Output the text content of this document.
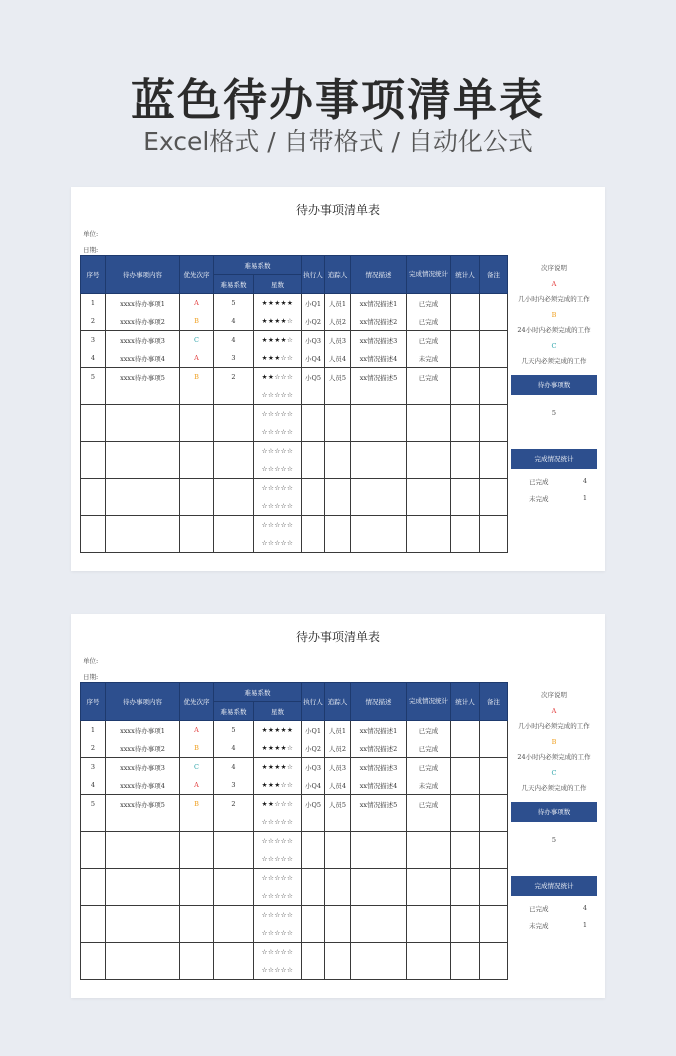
蓝色待办事项清单表
Excel格式 / 自带格式 / 自动化公式
待办事项清单表
单位:
日期:
序号	待办事项内容	优先次序	难易系数		执行人	追踪人	情况描述	完成情况统计	统计人	备注
			难易系数	星数						
1	xxxx待办事项1	A	5	★★★★★	小Q1	人员1	xx情况描述1	已完成		
2	xxxx待办事项2	B	4	★★★★☆	小Q2	人员2	xx情况描述2	已完成		
3	xxxx待办事项3	C	4	★★★★☆	小Q3	人员3	xx情况描述3	已完成		
4	xxxx待办事项4	A	3	★★★☆☆	小Q4	人员4	xx情况描述4	未完成		
5	xxxx待办事项5	B	2	★★☆☆☆	小Q5	人员5	xx情况描述5	已完成		
				☆☆☆☆☆						
				☆☆☆☆☆						
				☆☆☆☆☆						
				☆☆☆☆☆						
				☆☆☆☆☆						
				☆☆☆☆☆						
				☆☆☆☆☆						
				☆☆☆☆☆						
				☆☆☆☆☆						
次序说明
A
几小时内必须完成的工作
B
24小时内必须完成的工作
C
几天内必须完成的工作
待办事项数
5
完成情况统计
已完成	4
未完成	1
待办事项清单表
单位:
日期:
序号	待办事项内容	优先次序	难易系数		执行人	追踪人	情况描述	完成情况统计	统计人	备注
			难易系数	星数						
1	xxxx待办事项1	A	5	★★★★★	小Q1	人员1	xx情况描述1	已完成		
2	xxxx待办事项2	B	4	★★★★☆	小Q2	人员2	xx情况描述2	已完成		
3	xxxx待办事项3	C	4	★★★★☆	小Q3	人员3	xx情况描述3	已完成		
4	xxxx待办事项4	A	3	★★★☆☆	小Q4	人员4	xx情况描述4	未完成		
5	xxxx待办事项5	B	2	★★☆☆☆	小Q5	人员5	xx情况描述5	已完成		
				☆☆☆☆☆						
				☆☆☆☆☆						
				☆☆☆☆☆						
				☆☆☆☆☆						
				☆☆☆☆☆						
				☆☆☆☆☆						
				☆☆☆☆☆						
				☆☆☆☆☆						
				☆☆☆☆☆						
次序说明
A
几小时内必须完成的工作
B
24小时内必须完成的工作
C
几天内必须完成的工作
待办事项数
5
完成情况统计
已完成	4
未完成	1
